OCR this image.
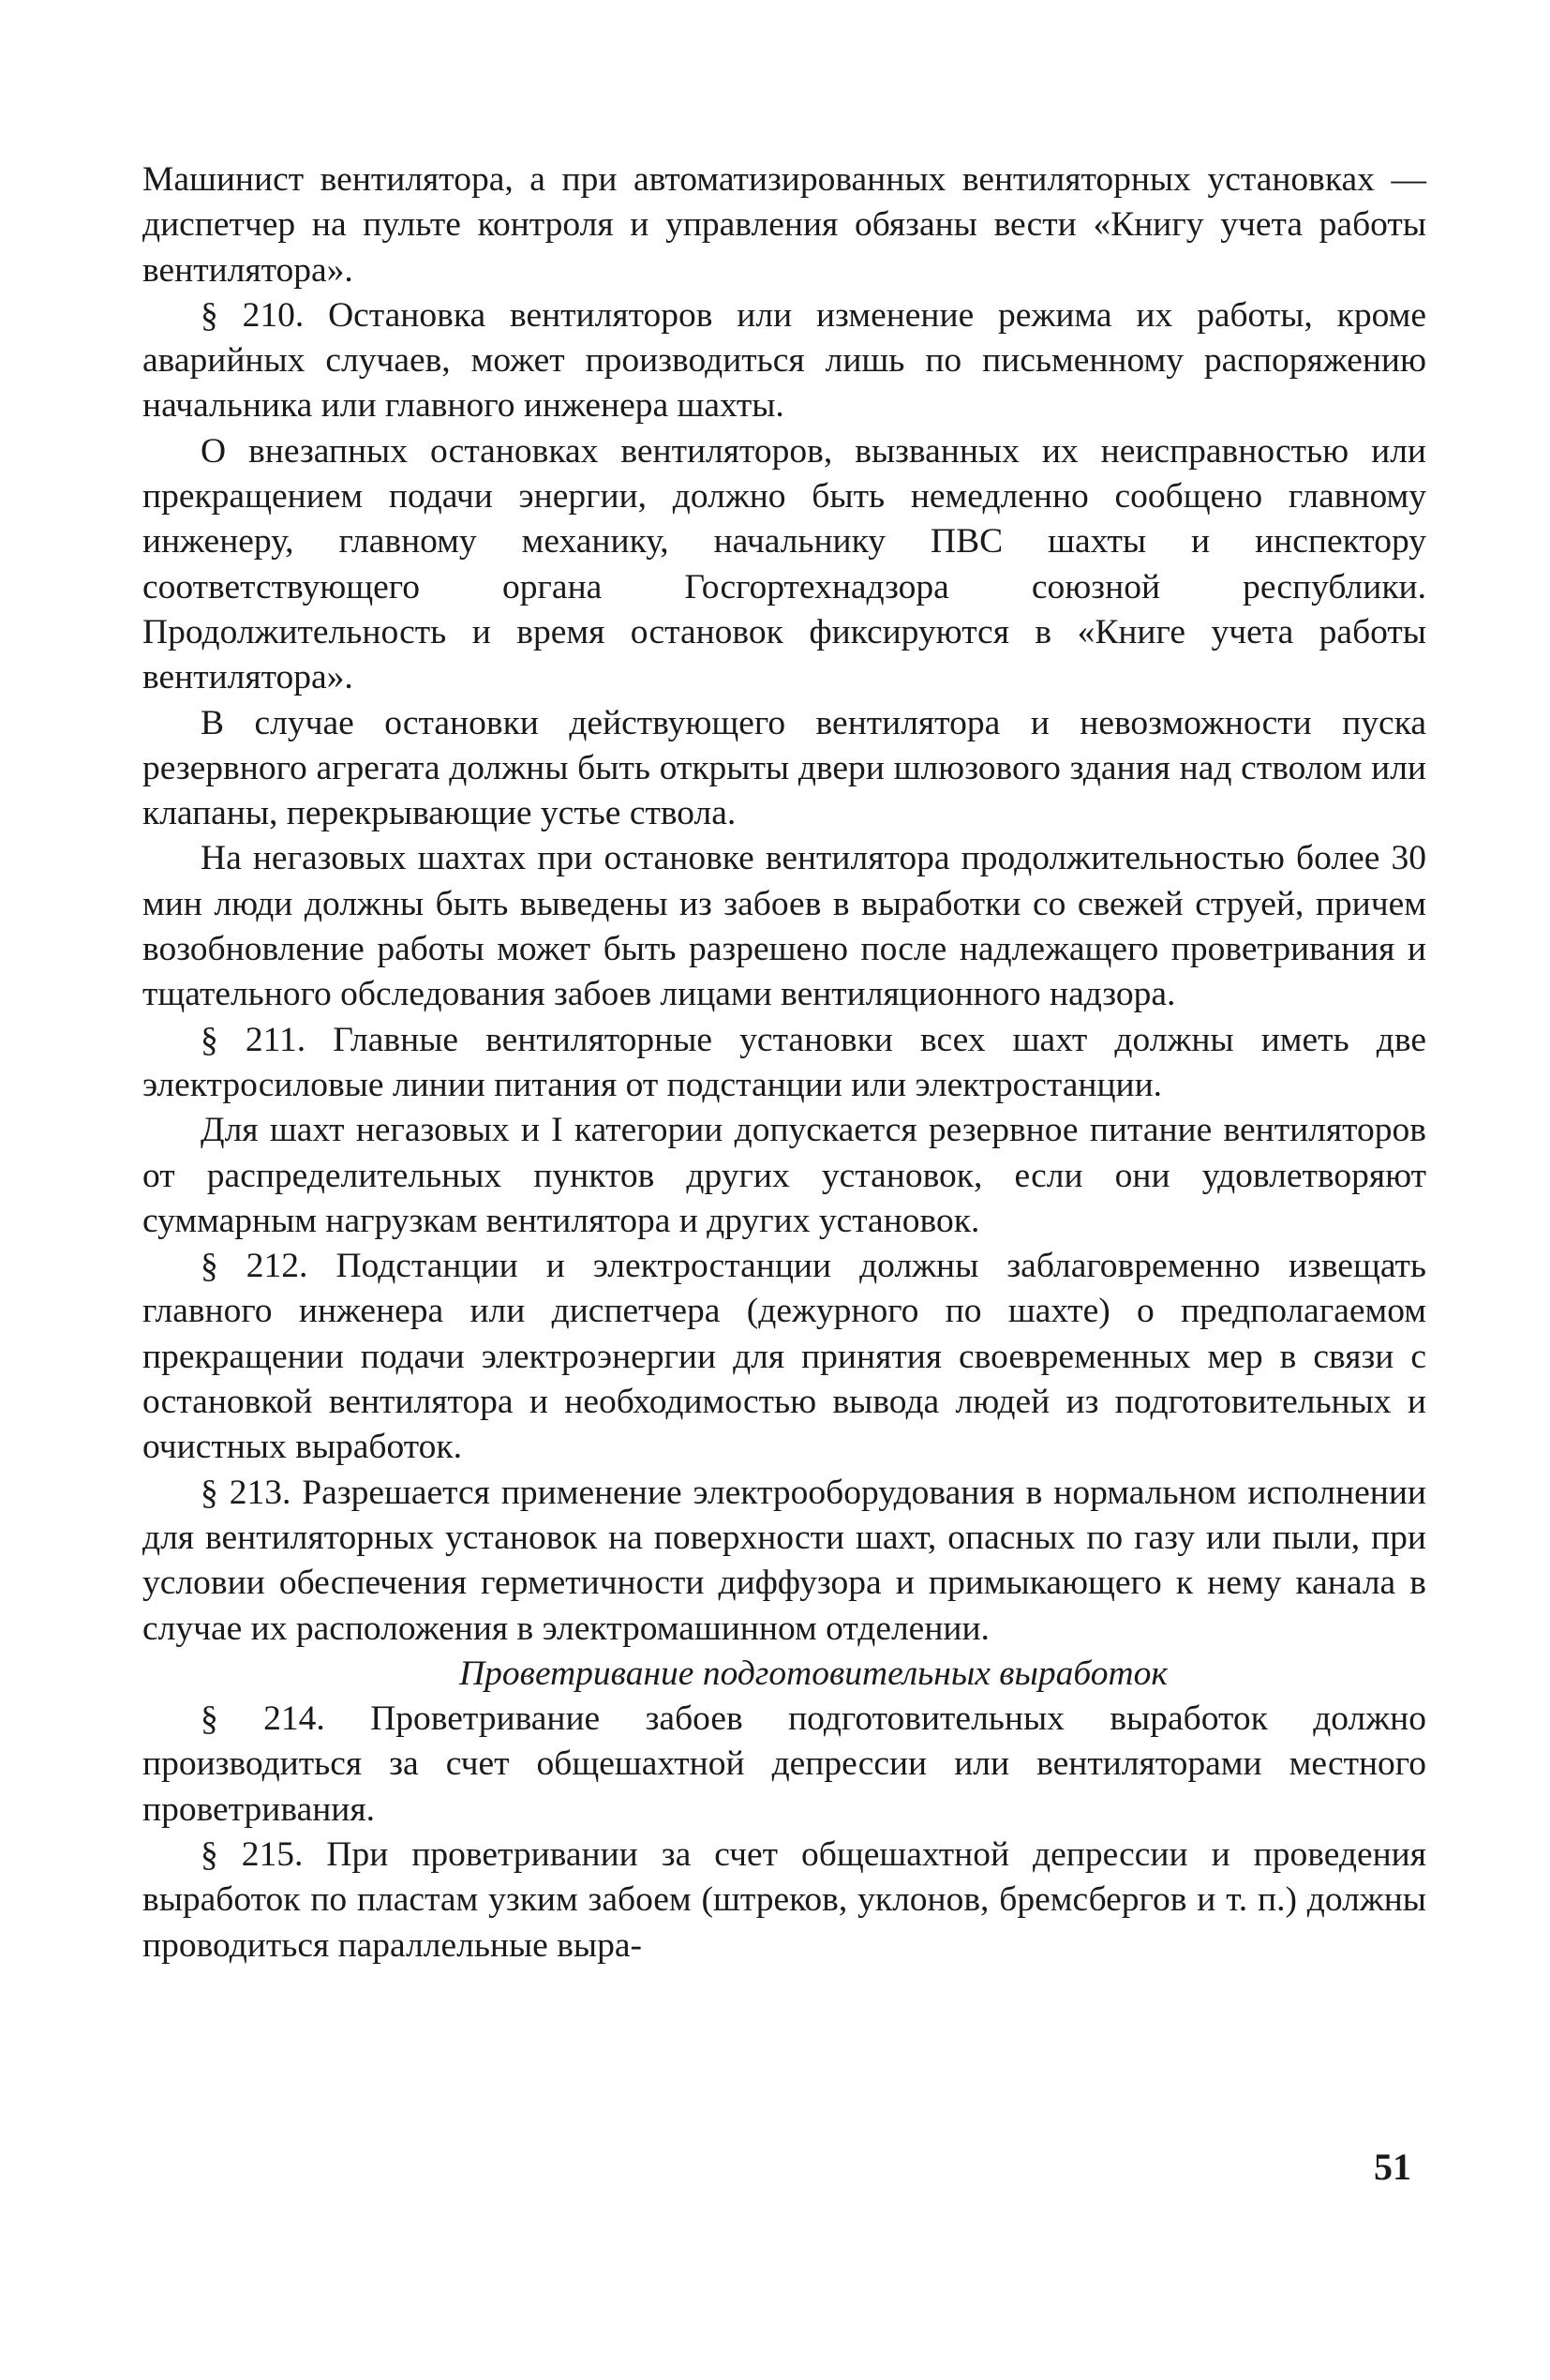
Машинист вентилятора, а при автоматизированных вентиляторных установках — диспетчер на пульте контроля и управления обязаны вести «Книгу учета работы вентилятора».

§ 210. Остановка вентиляторов или изменение режима их работы, кроме аварийных случаев, может производиться лишь по письменному распоряжению начальника или главного инженера шахты.

О внезапных остановках вентиляторов, вызванных их неисправностью или прекращением подачи энергии, должно быть немедленно сообщено главному инженеру, главному механику, начальнику ПВС шахты и инспектору соответствующего органа Госгортехнадзора союзной республики. Продолжительность и время остановок фиксируются в «Книге учета работы вентилятора».

В случае остановки действующего вентилятора и невозможности пуска резервного агрегата должны быть открыты двери шлюзового здания над стволом или клапаны, перекрывающие устье ствола.

На негазовых шахтах при остановке вентилятора продолжительностью более 30 мин люди должны быть выведены из забоев в выработки со свежей струей, причем возобновление работы может быть разрешено после надлежащего проветривания и тщательного обследования забоев лицами вентиляционного надзора.

§ 211. Главные вентиляторные установки всех шахт должны иметь две электросиловые линии питания от подстанции или электростанции.

Для шахт негазовых и I категории допускается резервное питание вентиляторов от распределительных пунктов других установок, если они удовлетворяют суммарным нагрузкам вентилятора и других установок.

§ 212. Подстанции и электростанции должны заблаговременно извещать главного инженера или диспетчера (дежурного по шахте) о предполагаемом прекращении подачи электроэнергии для принятия своевременных мер в связи с остановкой вентилятора и необходимостью вывода людей из подготовительных и очистных выработок.

§ 213. Разрешается применение электрооборудования в нормальном исполнении для вентиляторных установок на поверхности шахт, опасных по газу или пыли, при условии обеспечения герметичности диффузора и примыкающего к нему канала в случае их расположения в электромашинном отделении.

Проветривание подготовительных выработок

§ 214. Проветривание забоев подготовительных выработок должно производиться за счет общешахтной депрессии или вентиляторами местного проветривания.

§ 215. При проветривании за счет общешахтной депрессии и проведения выработок по пластам узким забоем (штреков, уклонов, бремсбергов и т. п.) должны проводиться параллельные выра-

51
